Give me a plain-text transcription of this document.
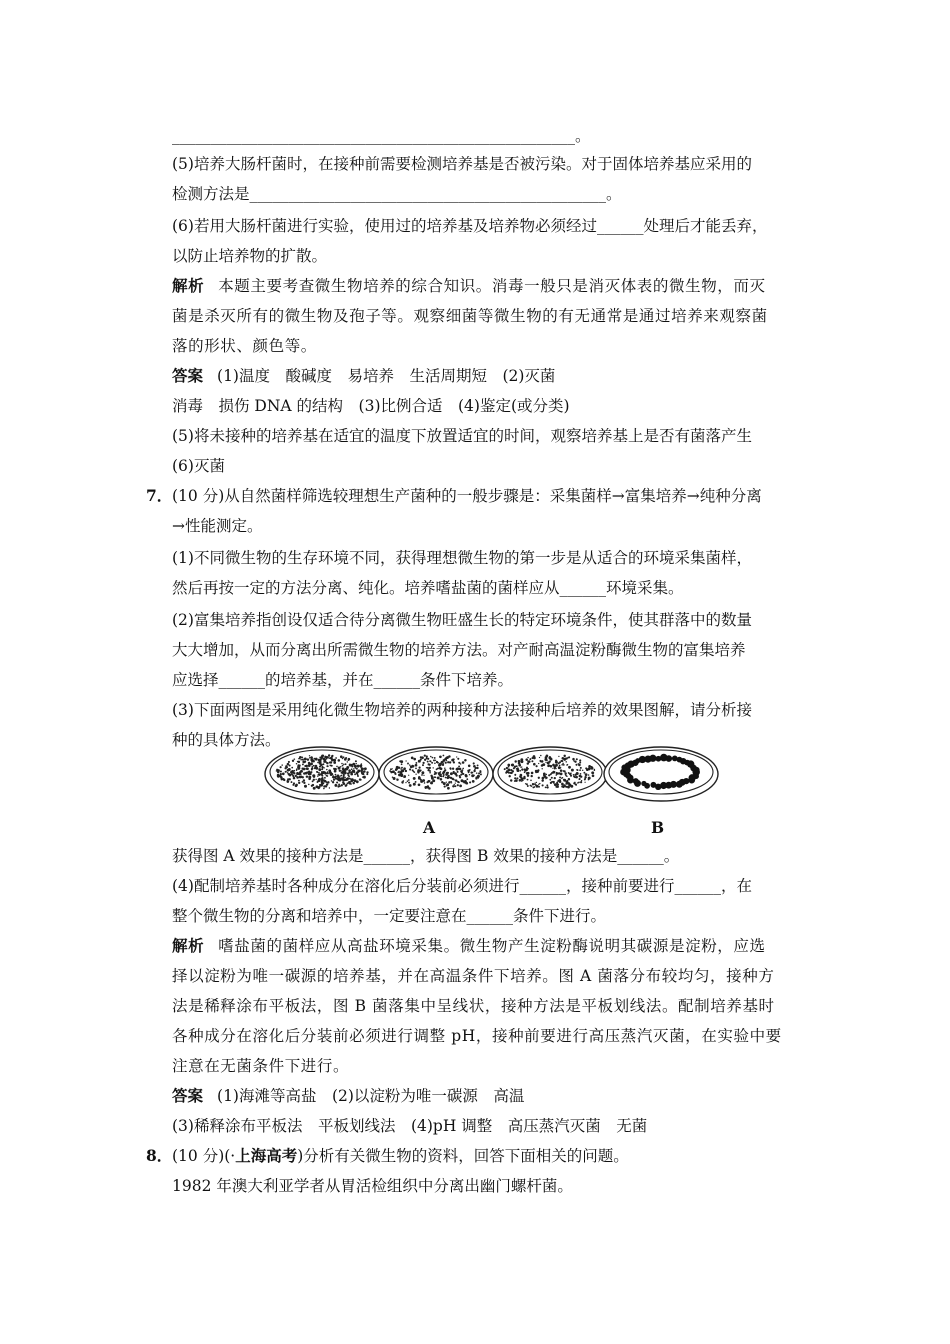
____________________________________________________。
(5)培养大肠杆菌时，在接种前需要检测培养基是否被污染。对于固体培养基应采用的
检测方法是______________________________________________。
(6)若用大肠杆菌进行实验，使用过的培养基及培养物必须经过______处理后才能丢弃，
以防止培养物的扩散。
解析 本题主要考查微生物培养的综合知识。消毒一般只是消灭体表的微生物，而灭
菌是杀灭所有的微生物及孢子等。观察细菌等微生物的有无通常是通过培养来观察菌
落的形状、颜色等。
答案 (1)温度　酸碱度　易培养　生活周期短　(2)灭菌
消毒　损伤 DNA 的结构　(3)比例合适　(4)鉴定(或分类)
(5)将未接种的培养基在适宜的温度下放置适宜的时间，观察培养基上是否有菌落产生
(6)灭菌
7． (10 分)从自然菌样筛选较理想生产菌种的一般步骤是：采集菌样→富集培养→纯种分离
→性能测定。
(1)不同微生物的生存环境不同，获得理想微生物的第一步是从适合的环境采集菌样，
然后再按一定的方法分离、纯化。培养嗜盐菌的菌样应从______环境采集。
(2)富集培养指创设仅适合待分离微生物旺盛生长的特定环境条件，使其群落中的数量
大大增加，从而分离出所需微生物的培养方法。对产耐高温淀粉酶微生物的富集培养
应选择______的培养基，并在______条件下培养。
(3)下面两图是采用纯化微生物培养的两种接种方法接种后培养的效果图解，请分析接
种的具体方法。
A	B
获得图 A 效果的接种方法是______，获得图 B 效果的接种方法是______。
(4)配制培养基时各种成分在溶化后分装前必须进行______，接种前要进行______，在
整个微生物的分离和培养中，一定要注意在______条件下进行。
解析 嗜盐菌的菌样应从高盐环境采集。微生物产生淀粉酶说明其碳源是淀粉，应选
择以淀粉为唯一碳源的培养基，并在高温条件下培养。图 A 菌落分布较均匀，接种方
法是稀释涂布平板法，图 B 菌落集中呈线状，接种方法是平板划线法。配制培养基时
各种成分在溶化后分装前必须进行调整 pH，接种前要进行高压蒸汽灭菌，在实验中要
注意在无菌条件下进行。
答案 (1)海滩等高盐　(2)以淀粉为唯一碳源　高温
(3)稀释涂布平板法　平板划线法　(4)pH 调整　高压蒸汽灭菌　无菌
8． (10 分)(·上海高考)分析有关微生物的资料，回答下面相关的问题。
1982 年澳大利亚学者从胃活检组织中分离出幽门螺杆菌。
